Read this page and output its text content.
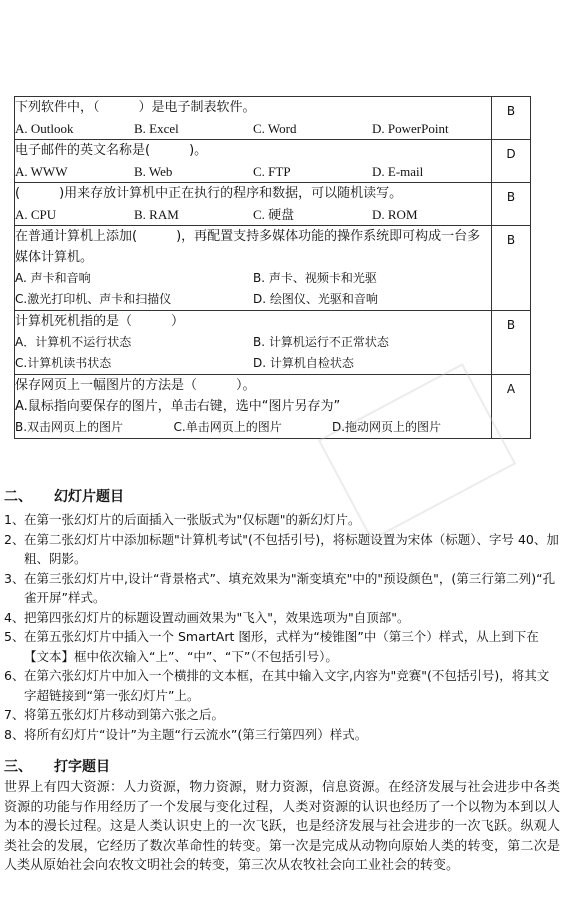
下列软件中，（　　　）是电子制表软件。
A. Outlook B. Excel C. Word D. PowerPoint	B

电子邮件的英文名称是(　　　)。
A. WWW B. Web C. FTP D. E-mail	D

(　　　)用来存放计算机中正在执行的程序和数据，可以随机读写。
A. CPU B. RAM C. 硬盘 D. ROM	B

在普通计算机上添加(　　　)，再配置支持多媒体功能的操作系统即可构成一台多媒体计算机。
A. 声卡和音响 B. 声卡、视频卡和光驱
C.激光打印机、声卡和扫描仪 D. 绘图仪、光驱和音响	B

计算机死机指的是（　　　）
A．计算机不运行状态 B. 计算机运行不正常状态
C.计算机读书状态 D. 计算机自检状态	B

保存网页上一幅图片的方法是（　　　）。
A.鼠标指向要保存的图片，单击右键，选中“图片另存为”
B.双击网页上的图片 C.单击网页上的图片 D.拖动网页上的图片	A
二、 幻灯片题目
1、 在第一张幻灯片的后面插入一张版式为"仅标题"的新幻灯片。
2、 在第二张幻灯片中添加标题"计算机考试"(不包括引号)，将标题设置为宋体（标题）、字号 40、加粗、阴影。
3、 在第三张幻灯片中,设计“背景格式”、填充效果为"渐变填充"中的"预设颜色"，(第三行第二列)“孔雀开屏”样式。
4、 把第四张幻灯片的标题设置动画效果为"飞入"，效果选项为"自顶部"。
5、 在第五张幻灯片中插入一个 SmartArt 图形，式样为“棱锥图”中（第三个）样式，从上到下在【文本】框中依次输入“上”、“中”、“下”（不包括引号）。
6、 在第六张幻灯片中加入一个横排的文本框，在其中输入文字,内容为"竞赛"(不包括引号)，将其文字超链接到“第一张幻灯片”上。
7、 将第五张幻灯片移动到第六张之后。
8、 将所有幻灯片“设计”为主题“行云流水”(第三行第四列）样式。
三、 打字题目
世界上有四大资源：人力资源，物力资源，财力资源，信息资源。在经济发展与社会进步中各类资源的功能与作用经历了一个发展与变化过程，人类对资源的认识也经历了一个以物为本到以人为本的漫长过程。这是人类认识史上的一次飞跃，也是经济发展与社会进步的一次飞跃。纵观人类社会的发展，它经历了数次革命性的转变。第一次是完成从动物向原始人类的转变，第二次是人类从原始社会向农牧文明社会的转变，第三次从农牧社会向工业社会的转变。
